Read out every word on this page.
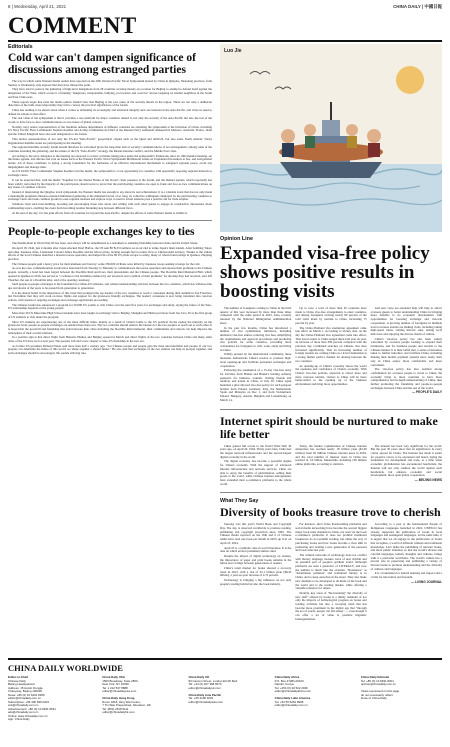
8 | Wednesday, April 21, 2021	CHINA DAILY | 中國日報
COMMENT
Editorials
Cold war can't dampen significance of discussions among estranged parties

The way in which some Western media outlets have reported on the 20th Western Pacific Naval Symposium hosted by China in Qingdao, Shandong province, from Sunday to Wednesday only exposes that they have missed the point.

They have tried to portray the gathering of high-level delegations from 28 countries as being merely an occasion for Beijing to attempt to defend itself against the allegations of the West, which accuse it of making "dangerous, irresponsible, bullying, provocative and coercive" moves targeting its smaller neighbors in the South and East China seas.

These reports argue that even the media outlets framed view that Beijing is the root cause of the security threats in the region. There are not only a deliberate distortion of the truth, more importantly they fail to convey the practical significance of the forum.

China has nothing to be shown about when it comes to defending its sovereignty and territorial integrity and core interests in the Asia-Pacific, and it has no need to defend its actions to that effect.

The real value of the symposium is that it provides a rare platform for major countries related to not only the security of the Asia-Pacific but also the rest of the world, to have face-to-face communications on core issues of global concern.

Notably, navy senior representatives of the maritime defense departments of different countries are attending the symposium at the invitation of China, including US Navy Pacific Fleet Commander Stephen Koehler and Acting Commander-in-Chief of the Russian Navy Aleksandr Alekseevich Moiseev, Australia, France, India and the United Kingdom have also sent delegations to the forum.

That incites representatives of not only the US-led "Indo-Pacific" geopolitical cliques such as the Quad and AUKUS, but also some North Atlantic Treaty Organization member states are participating in the meeting.

The regional maritime security forum should therefore be welcomed given the long-time lack of security communications, if not estrangement, among some of the countries attending the gathering, and the nature of the US "Indo-Pacific" strategy, the Russia-Ukraine conflict, and the Middle East crisis.

According to the navy, delegates to the meeting are expected to review activities taking place under the symposium's framework since its 19th biennial meeting, set the future agenda, and discuss and vote on issues such as the Western Pacific Naval Symposium Multilateral Guide on Unplanned Encounters at Sea, and navigational norms. All of these contribute to laying a strong foundation for the formation of an effective international mechanism to safeguard regional peace, avoid any misjudgment and manage risks.

As US Pacific Fleet Commander Stephen Koehler told the media, the symposium is a rare opportunity for countries with apparently opposing regional interests to exchange views.

It can be expected that, with the theme "Together for the Shared Future of the Ocean", their presence at the forum, and the themed agenda, which reportedly has been widely welcomed by the majority of the participants, should serve to prove that the participating countries are open to frank and face-to-face communications on key issues of common concern.

Instead of interpreting the Qingdao naval symposium, the Western media has enough to say about its real achievement. It is a valuable event that has not only made a meaningful pragmatic-mission-oriented multilateral gathering at the ministerial level of so long, its collective willingness displayed by the participating countries to exchange views and seek common ground to ease regional tensions and explore ways to resolve actual tensions pose a positive aid for trade surplus.

Solutions from such trust-building, boosting and encouraging those who stress and willing with each other guests to engage in constructive discussions about commanding topics, enabling the event from becoming another hindering step between different blocs.

At the end of the day, it is the joint efforts from all countries for beyond the Asia-Pacific, despite the efforts of some Western media to belittle it.

People-to-people exchanges key to ties

The Double Rant in World Way III has been, and always will be remembered as a testament to enduring friendship between China and the United States.

On April 18, 1942, just 4 months after Japan attacked Pearl Harbor, the US sent 80 B-25 bombers on an air raid to strike Japan's main islands. After bombing Tokyo and other Japanese cities, Lieutenant Colonel James Doolittle and his fellow pilots, lacking enough fuel to return, flew to Chinese-held territory. Thanks to the valiant efforts of the local Chinese launched a massive rescue operation, and helped 64 of the 80 US pilots escape to safety, many of whom found refuge in Quzhou, Zhejiang province.

The Chinese people paid a heavy price for their kindness and bravery: some 250,000 civilians were killed by Japanese troops seeking revenge for the raid.

As was the case, commemoration events have been held from Tuesday to Thursday to commemorate the rescue operation and express their gratitude to the Chinese people. Actually, a bond has been forged between the Doolittle Raid survivors, their descendants and the Chinese people. The Doolittle Raid Memorial Hall, which opened in Quzhou in 2016, has served as "a witness to the hardships endured by our ancestors and a symbol of their gratitude" for the help they had received, said Jeff Thatcher, the son of a Doolittle pilot, said at the opening ceremony.

Such people-to-people exchanges at the foundation for China-US relations, and cement understanding and trust between the two countries, which has withstood the ups and downs of the years to be passed from generation to generation.

It is the shared belief in the importance of this bond that prompted the top leaders of the two countries to reach a consensus during their summit in San Francisco last November that they will work on more flights and support for the grassroots friendly exchanges. The leaders' consensus is now being translated into concrete actions, with dozens of ongoing exchanges and exchange applications proceeding.

The Chinese leader has announced a program for 50,000 US youths to visit China over the next five years for exchanges and study, saying the future of the Sino-US relationship depends on the young people.

More than 30 US Muscatine High School students have been taught an exchange visit to Beijing, Shanghai and Hebei provinces from Jan 24 to 30 as the first group of US students to visit under the program.

Since US students are experiencing one of the most difficult times, mainly as a result of China's battle to the US political circles eyeing the majority on the grassroots level, people-to-people exchanges are needed more than ever. The two countries should remove the barriers for the two peoples to reach out to each other. It is hoped that the goodwill and friendship that exist between their cities including the Doolittle Raid memorial, their communities and schools can help improve the atmosphere of their overall relations.

In a positive sign is that direct flight from Hainan's Haikou and Beijing opened in March and direct flights of the two countries between China and many other cities of the US have set for next year. The peoples will add a new chapter to Sino-US friendship in the new era.

As former US president Richard Nixon said more than half a century ago: "Let Chinese people and people gain the most uncontrollable and people. If our two peoples can determine the future of this world, we shape together a shared future." He also said that exchanges of the two nations can help us prosper together, and such exchanges should be encouraged, life sounds still ring true.

Luo Jie
Opinion Line
Expanded visa-free policy shows positive results in boosting visits

The number of foreigners coming to China in the third quarter of this year increased by more than three times compared with the same period in 2023. Also, recently released by the National Immigration Administration show.

In the past few months, China has introduced a number of visa optimization initiatives, including unilateral visa-free entries, reducing visa fees, simplifying the requirements and approval procedures and producing visa policies for some countries, providing more convenience for foreigners to visit, work, study and living in China.

Widely praised by the international community, these measures demonstrate China's resolve to promote high-level opening-up and facilitate personnel exchanges and cooperation.

Following the resumption of a 15-day visa-free entry for travelers from Brunei and Brunei's holding ordinary passports for business, tourism, visiting friends and relatives and transit in China, in July 30, China again launched a pilot allowed visa-free policy for such passport holders from Poland, Germany, Italy, the Netherlands, Spain and Malaysia on Dec 1, and from Switzerland, Ireland, Hungary, Austria, Belgium and Luxembourg on March 14.

Up to now, a total of more than 20 countries have made to China visa-free arrangements to enter countries, and among foreigners arriving nearly 80 percent of the total visits made by tourism to China, increasing 75 percent by year.

The China-Thailand visa exemption agreement came into effect on March 1. According to Vickey data, on the day the China-Thailand visa agreement came into effect, Thai travel orders to China surged three-fold year on year, an increase of more than 300 percent compared with the previous day. Combined searches on Chinese visa sites increased significantly. That an increasing number of foreign tourists are coming China as a travel destination is a strong further perfect channel for sharing between the two countries.

As opening-up of China's economy shows the world the openness and confidence of China's economy. With China's visa-free policies, expected to attract more and more overseas tourists, visitors to China will be more better-suited to the opening up of the business environment and bring more opportunities.

And new visas are extended help will help to attract overseas guests to better understanding China in bringing more benefits to its economic development with opportunities for boosting exchange and win-win cooperation. A growing number of foreigners in multiple travel overseas tourists are making visits, including taking high-speed trains, visiting historic sites, tasting local delicacies and enjoying the diverse charm of culture.

China's visa-free policy has also been widely welcomed by overseas people looking to expand their businesses, and for business people and tourists to the Chinese market. It is their belief that, a series of measures taken to further introduce and facilitate China, including making their mobile payment systems more ready, their stay in China easier, more comfortable and more convenient.

The visa-free policy has also enabled strong confirmation for overseas people to travel to China, the economy bring to more countries to have more comprehensive and in-depth understanding of China, thus further promoting the friendship and people-to-people exchanges between China and the rest of the world.

— PEOPLE'S DAILY
Internet spirit should be nurtured to make life better

China gained full access to the World Wide Web 30 years ago, on April 20, 1994. Thirty years later, China has the largest network infrastructure and the second-largest digital economy in the world.

The digital economy has become a powerful engine for China's economy. With the support of advanced Internet infrastructure and network services, China are able to enjoy the benefits of globalization, selling their goods to the world, while Chinese internet entrepreneurs have extended their e-commerce platforms to the whole world.

Today, the market capitalization of Chinese internet enterprises has reached nearly 18 trillion yuan ($2.48 trillion) from 92 million Chinese internet users in 2003, and the total number of internet users in China has reached in 1.9 billion. Meanwhile, including 100 million online platforms, according to statistics.

The internet has been very significant for the world. But the past 30 years show that its significance in every corner spread far China. The Internet has made it easier for people's voices to be expressed and heard, laying the foundation for development and trade, at a time when economic globalization has encountered headwinds, the internet will not only cushion the world against such headwinds, but enhance economic and social development, more open global cooperation.

— BEIJING NEWS
What They Say
Diversity of books treasure trove to cherish

Tuesday was this year's World Book and Copyright Day. The day, is observed worldwide to promote reading, publishing and copyright protection since 1995. The Chinese media reported on the 16th and 6 of Chinese adults have read one book per month in 2023, up 0.41 on April 23, 2024.

April 23 is a symbolic date in world literature. It is the date on which several prominent authors died.

Despite the impact of digital technology on readers, the importance of paper and print books remains in the future and a bridge between generations of readers.

China's retail market for books showed a recovery trend in 2023, with a rise of 61.1 billion yuan ($8.43 billion), a year-on-year increase of 4.72 percent.

Technology is bringing a big influence on not only people's reading habits but also the book industry.

For instance, short video livestreaming platforms and social media networking have become the several biggest major book sales channels in China, not seen via the book e-commerce platforms. It does not prohibit traditional bookstores do not prohibit reading, but rather the way of purchasing books and how books become a clear shift in promoting and reading a new generation of the personal and book sales last year.

The cultural networks of technology does not conflict with literary language treasure trove of new rhythm and an essential part of people's spiritual world. Although platforms are seen a generator of LITERACY, and now the number is much like the old-man. "Resistance" as "information pollution" and traditional literary is in China, and to keep ourselves in the street. They also make new attempts to be developed to all kinds of the book and the world and to the reading market, while offering a valuable reference for others.

Notably, key areas of "Re-inventing" the diversity of new stuff" offered by books is a timely reminder of not only the impacts of technological progress on books and reading activities but also a worrying trend that has become more prominent in the digital age that "through the era of words, people can fall asleep" — even though it can offer a lot of value to promote linguistic homogenization.

According to a post at the International People of Indigenous Languages launched in 2022, UNESCO has already supported the publication of books in local languages and endangered languages. At the same time, it is urgent that we all engage in the publication of books that recognize, a world of different cultures and traditional knowledge. Let's make the publishing of relevant books, and more public attention, so that the world's diverse and colorful languages, beliefs, thoughts and cultures, brings with it a particular worldview. The world's culture has a pivotal role in preserving and publishing a variety of diverse books to promote understanding and the diversity of cultures and languages.

It is a foundation for natural learning and respect and a cradle for innovation and freedom.

— LIVING JOURNAL
CHINA DAILY WORLDWIDE
Editor-in-Chief
Chinese Daily
Beijing Headquarters
Address: 15 Huixin Dongjie
Chaoyang, Beijing 100029
News: +86 (0) 10 6491 8366
editor@chinadaily.com.cn
Subscription: +86 400 699 0203
sub@chinadaily.com.cn
Advertisement: +86 (0) 10 6491 8631
ads@chinadaily.com.cn
Online: www.chinadaily.com.cn
App: China Daily
China Daily USA
1500 Broadway, Suite 2800,
New York, NY 10036
Tel: 1 212 537 8888
editor@chinadailyusa.com

China Daily Hong Kong
Room 1818, Hing Wai Centre,
7 Tin Wan Praya Road, Aberdeen, HK
Tel: (852) 2518 5111
editor@chinadailyhk.com
China Daily UK
90 Cannon Street, London EC4N 6HA
Tel: +44 (0) 207 398 8270
editor@chinadailyuk.com

China Daily Asia Pacific
Tel: +65 3138 3033
editor@chinadailyasia.com
China Daily Africa
P.O. Box 27281-00100
Nairobi, Kenya
Tel: +254 (0) 20 522 2046
editor@chinadailyafrica.com

China Daily Latin America
Tel: +52 55 5281 9998
editor@chinadaily.com.cn
China Daily Editorial
Tel: +86 (0) 10 6491 8201
opinion@chinadaily.com.cn

Views expressed on this page
do not necessarily reflect
those of China Daily.
